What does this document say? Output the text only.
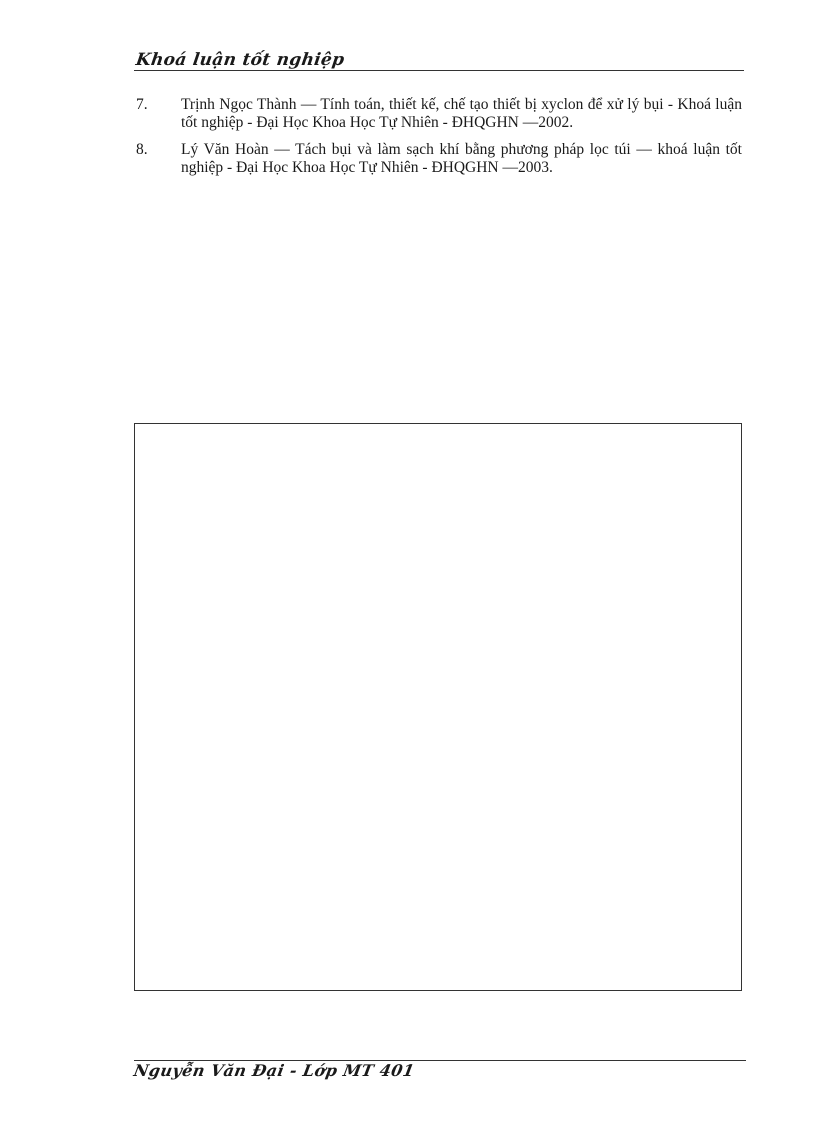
Khoá luận tốt nghiệp
7. Trịnh Ngọc Thành — Tính toán, thiết kế, chế tạo thiết bị xyclon để xử lý bụi - Khoá luận tốt nghiệp - Đại Học Khoa Học Tự Nhiên - ĐHQGHN —2002.
8. Lý Văn Hoàn — Tách bụi và làm sạch khí bằng phương pháp lọc túi — khoá luận tốt nghiệp - Đại Học Khoa Học Tự Nhiên - ĐHQGHN —2003.
Nguyễn Văn Đại - Lớp MT 401
